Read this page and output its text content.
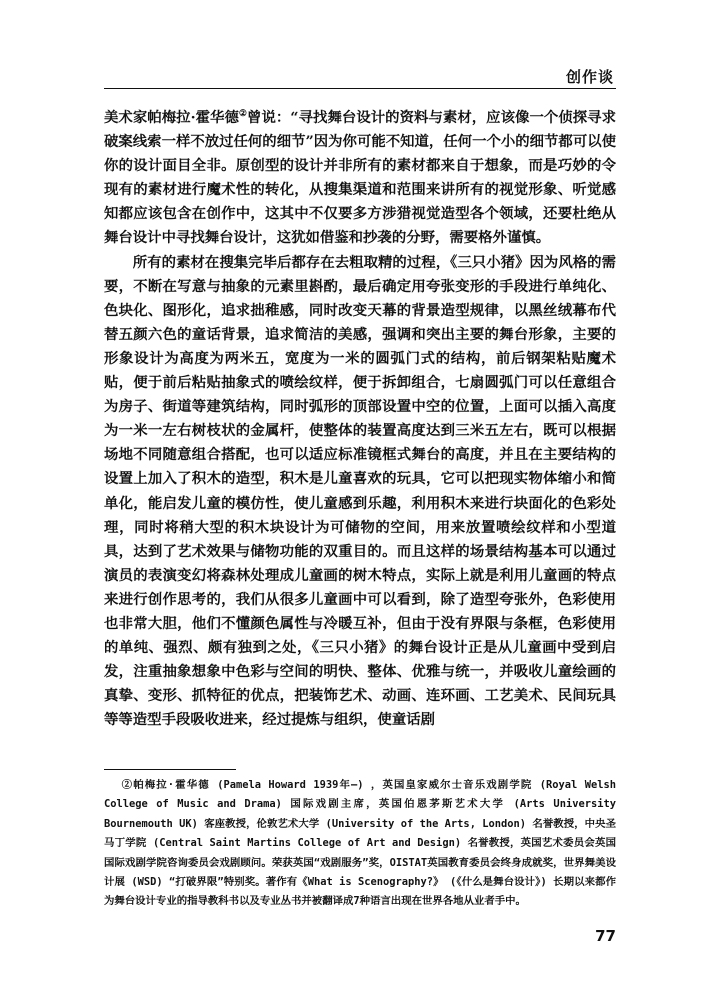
创作谈

美术家帕梅拉·霍华德②曾说：“寻找舞台设计的资料与素材，应该像一个侦探寻求破案线索一样不放过任何的细节”因为你可能不知道，任何一个小的细节都可以使你的设计面目全非。原创型的设计并非所有的素材都来自于想象，而是巧妙的令现有的素材进行魔术性的转化，从搜集渠道和范围来讲所有的视觉形象、听觉感知都应该包含在创作中，这其中不仅要多方涉猎视觉造型各个领域，还要杜绝从舞台设计中寻找舞台设计，这犹如借鉴和抄袭的分野，需要格外谨慎。

所有的素材在搜集完毕后都存在去粗取精的过程，《三只小猪》因为风格的需要，不断在写意与抽象的元素里斟酌，最后确定用夸张变形的手段进行单纯化、色块化、图形化，追求拙稚感，同时改变天幕的背景造型规律，以黑丝绒幕布代替五颜六色的童话背景，追求简洁的美感，强调和突出主要的舞台形象，主要的形象设计为高度为两米五，宽度为一米的圆弧门式的结构，前后钢架粘贴魔术贴，便于前后粘贴抽象式的喷绘纹样，便于拆卸组合，七扇圆弧门可以任意组合为房子、街道等建筑结构，同时弧形的顶部设置中空的位置，上面可以插入高度为一米一左右树枝状的金属杆，使整体的装置高度达到三米五左右，既可以根据场地不同随意组合搭配，也可以适应标准镜框式舞台的高度，并且在主要结构的设置上加入了积木的造型，积木是儿童喜欢的玩具，它可以把现实物体缩小和简单化，能启发儿童的模仿性，使儿童感到乐趣，利用积木来进行块面化的色彩处理，同时将稍大型的积木块设计为可储物的空间，用来放置喷绘纹样和小型道具，达到了艺术效果与储物功能的双重目的。而且这样的场景结构基本可以通过演员的表演变幻将森林处理成儿童画的树木特点，实际上就是利用儿童画的特点来进行创作思考的，我们从很多儿童画中可以看到，除了造型夸张外，色彩使用也非常大胆，他们不懂颜色属性与冷暖互补，但由于没有界限与条框，色彩使用的单纯、强烈、颇有独到之处，《三只小猪》的舞台设计正是从儿童画中受到启发，注重抽象想象中色彩与空间的明快、整体、优雅与统一，并吸收儿童绘画的真挚、变形、抓特征的优点，把装饰艺术、动画、连环画、工艺美术、民间玩具等等造型手段吸收进来，经过提炼与组织，使童话剧

②帕梅拉·霍华德 (Pamela Howard 1939年—) ，英国皇家威尔士音乐戏剧学院 (Royal Welsh College of Music and Drama) 国际戏剧主席，英国伯恩茅斯艺术大学 (Arts University Bournemouth UK) 客座教授，伦敦艺术大学 (University of the Arts, London) 名誉教授，中央圣马丁学院 (Central Saint Martins College of Art and Design) 名誉教授，英国艺术委员会英国国际戏剧学院咨询委员会戏剧顾问。荣获英国“戏剧服务”奖，OISTAT英国教育委员会终身成就奖，世界舞美设计展 (WSD) “打破界限”特别奖。著作有《What is Scenography?》 (《什么是舞台设计》) 长期以来都作为舞台设计专业的指导教科书以及专业丛书并被翻译成7种语言出现在世界各地从业者手中。

77
